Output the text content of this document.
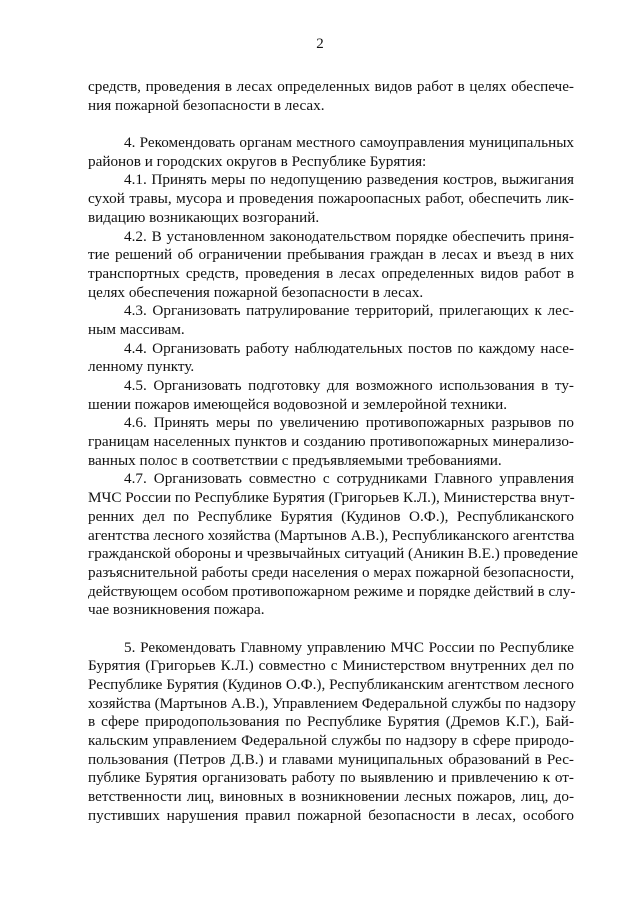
2
средств, проведения в лесах определенных видов работ в целях обеспече-
ния пожарной безопасности в лесах.
4. Рекомендовать органам местного самоуправления муниципальных
районов и городских округов в Республике Бурятия:
4.1. Принять меры по недопущению разведения костров, выжигания
сухой травы, мусора и проведения пожароопасных работ, обеспечить лик-
видацию возникающих возгораний.
4.2. В установленном законодательством порядке обеспечить приня-
тие решений об ограничении пребывания граждан в лесах и въезд в них
транспортных средств, проведения в лесах определенных видов работ в
целях обеспечения пожарной безопасности в лесах.
4.3. Организовать патрулирование территорий, прилегающих к лес-
ным массивам.
4.4. Организовать работу наблюдательных постов по каждому насе-
ленному пункту.
4.5. Организовать подготовку для возможного использования в ту-
шении пожаров имеющейся водовозной и землеройной техники.
4.6. Принять меры по увеличению противопожарных разрывов по
границам населенных пунктов и созданию противопожарных минерализо-
ванных полос в соответствии с предъявляемыми требованиями.
4.7. Организовать совместно с сотрудниками Главного управления
МЧС России по Республике Бурятия (Григорьев К.Л.), Министерства внут-
ренних дел по Республике Бурятия (Кудинов О.Ф.), Республиканского
агентства лесного хозяйства (Мартынов А.В.), Республиканского агентства
гражданской обороны и чрезвычайных ситуаций (Аникин В.Е.) проведение
разъяснительной работы среди населения о мерах пожарной безопасности,
действующем особом противопожарном режиме и порядке действий в слу-
чае возникновения пожара.
5. Рекомендовать Главному управлению МЧС России по Республике
Бурятия (Григорьев К.Л.) совместно с Министерством внутренних дел по
Республике Бурятия (Кудинов О.Ф.), Республиканским агентством лесного
хозяйства (Мартынов А.В.), Управлением Федеральной службы по надзору
в сфере природопользования по Республике Бурятия (Дремов К.Г.), Бай-
кальским управлением Федеральной службы по надзору в сфере природо-
пользования (Петров Д.В.) и главами муниципальных образований в Рес-
публике Бурятия организовать работу по выявлению и привлечению к от-
ветственности лиц, виновных в возникновении лесных пожаров, лиц, до-
пустивших нарушения правил пожарной безопасности в лесах, особого
